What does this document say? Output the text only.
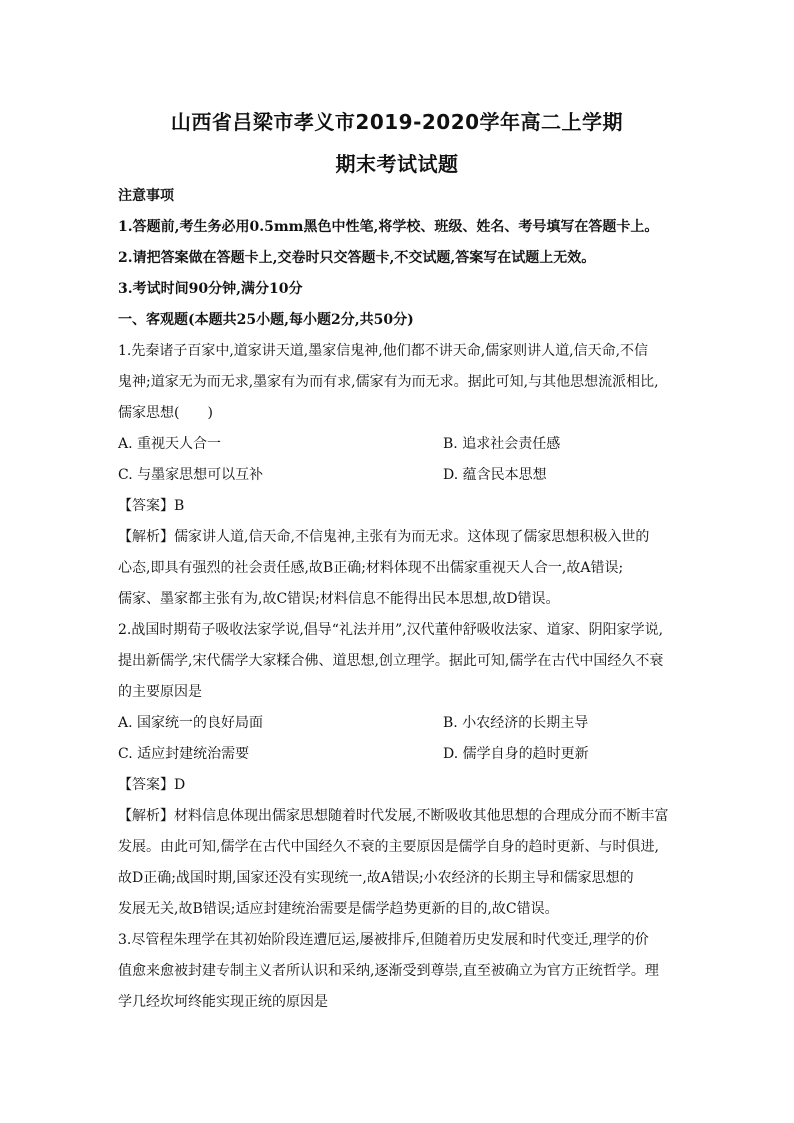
山西省吕梁市孝义市2019-2020学年高二上学期
期末考试试题
注意事项
1.答题前,考生务必用0.5mm黑色中性笔,将学校、班级、姓名、考号填写在答题卡上。
2.请把答案做在答题卡上,交卷时只交答题卡,不交试题,答案写在试题上无效。
3.考试时间90分钟,满分10分
一、客观题(本题共25小题,每小题2分,共50分)
1.先秦诸子百家中,道家讲天道,墨家信鬼神,他们都不讲天命,儒家则讲人道,信天命,不信
鬼神;道家无为而无求,墨家有为而有求,儒家有为而无求。据此可知,与其他思想流派相比,
儒家思想(　　)
A. 重视天人合一	B. 追求社会责任感
C. 与墨家思想可以互补	D. 蕴含民本思想
【答案】B
【解析】儒家讲人道,信天命,不信鬼神,主张有为而无求。这体现了儒家思想积极入世的
心态,即具有强烈的社会责任感,故B正确;材料体现不出儒家重视天人合一,故A错误;
儒家、墨家都主张有为,故C错误;材料信息不能得出民本思想,故D错误。
2.战国时期荀子吸收法家学说,倡导“礼法并用”,汉代董仲舒吸收法家、道家、阴阳家学说,
提出新儒学,宋代儒学大家糅合佛、道思想,创立理学。据此可知,儒学在古代中国经久不衰
的主要原因是
A. 国家统一的良好局面	B. 小农经济的长期主导
C. 适应封建统治需要	D. 儒学自身的趋时更新
【答案】D
【解析】材料信息体现出儒家思想随着时代发展,不断吸收其他思想的合理成分而不断丰富
发展。由此可知,儒学在古代中国经久不衰的主要原因是儒学自身的趋时更新、与时俱进,
故D正确;战国时期,国家还没有实现统一,故A错误;小农经济的长期主导和儒家思想的
发展无关,故B错误;适应封建统治需要是儒学趋势更新的目的,故C错误。
3.尽管程朱理学在其初始阶段连遭厄运,屡被排斥,但随着历史发展和时代变迁,理学的价
值愈来愈被封建专制主义者所认识和采纳,逐渐受到尊崇,直至被确立为官方正统哲学。理
学几经坎坷终能实现正统的原因是
